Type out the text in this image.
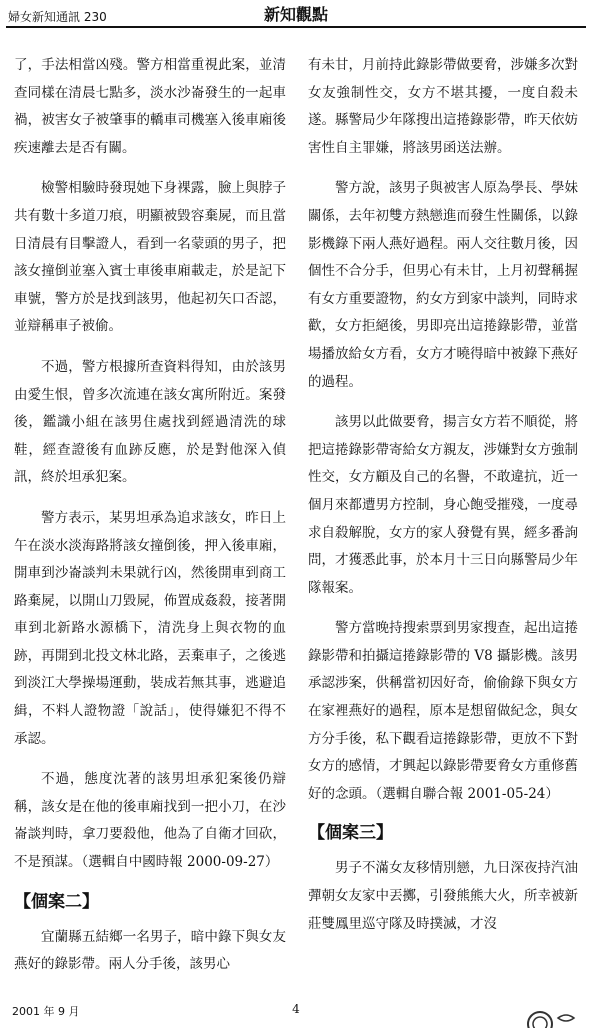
婦女新知通訊 230	新知觀點

了，手法相當凶殘。警方相當重視此案，並清查同樣在清晨七點多，淡水沙崙發生的一起車禍，被害女子被肇事的轎車司機塞入後車廂後疾速離去是否有關。

檢警相驗時發現她下身裸露，臉上與脖子共有數十多道刀痕，明顯被毀容棄屍，而且當日清晨有目擊證人，看到一名蒙頭的男子，把該女撞倒並塞入賓士車後車廂載走，於是記下車號，警方於是找到該男，他起初矢口否認，並辯稱車子被偷。

不過，警方根據所查資料得知，由於該男由愛生恨，曾多次流連在該女寓所附近。案發後，鑑識小組在該男住處找到經過清洗的球鞋，經查證後有血跡反應，於是對他深入偵訊，終於坦承犯案。

警方表示，某男坦承為追求該女，昨日上午在淡水淡海路將該女撞倒後，押入後車廂，開車到沙崙談判未果就行凶，然後開車到商工路棄屍，以開山刀毀屍，佈置成姦殺，接著開車到北新路水源橋下，清洗身上與衣物的血跡，再開到北投文林北路，丟棄車子，之後逃到淡江大學操場運動，裝成若無其事，逃避追緝，不料人證物證「說話」，使得嫌犯不得不承認。

不過，態度沈著的該男坦承犯案後仍辯稱，該女是在他的後車廂找到一把小刀，在沙崙談判時，拿刀要殺他，他為了自衛才回砍，不是預謀。（選輯自中國時報 2000-09-27）

【個案二】

宜蘭縣五結鄉一名男子，暗中錄下與女友燕好的錄影帶。兩人分手後，該男心

有未甘，月前持此錄影帶做要脅，涉嫌多次對女友強制性交，女方不堪其擾，一度自殺未遂。縣警局少年隊搜出這捲錄影帶，昨天依妨害性自主罪嫌，將該男函送法辦。

警方說，該男子與被害人原為學長、學妹關係，去年初雙方熱戀進而發生性關係，以錄影機錄下兩人燕好過程。兩人交往數月後，因個性不合分手，但男心有未甘，上月初聲稱握有女方重要證物，約女方到家中談判，同時求歡，女方拒絕後，男即亮出這捲錄影帶，並當場播放給女方看，女方才曉得暗中被錄下燕好的過程。

該男以此做要脅，揚言女方若不順從，將把這捲錄影帶寄給女方親友，涉嫌對女方強制性交，女方顧及自己的名譽，不敢違抗，近一個月來都遭男方控制，身心飽受摧殘，一度尋求自殺解脫，女方的家人發覺有異，經多番詢問，才獲悉此事，於本月十三日向縣警局少年隊報案。

警方當晚持搜索票到男家搜查，起出這捲錄影帶和拍攝這捲錄影帶的 V8 攝影機。該男承認涉案，供稱當初因好奇，偷偷錄下與女方在家裡燕好的過程，原本是想留做紀念，與女方分手後，私下觀看這捲錄影帶，更放不下對女方的感情，才興起以錄影帶要脅女方重修舊好的念頭。（選輯自聯合報 2001-05-24）

【個案三】

男子不滿女友移情別戀，九日深夜持汽油彈朝女友家中丟擲，引發熊熊大火，所幸被新莊雙鳳里巡守隊及時撲滅，才沒

2001 年 9 月	4
